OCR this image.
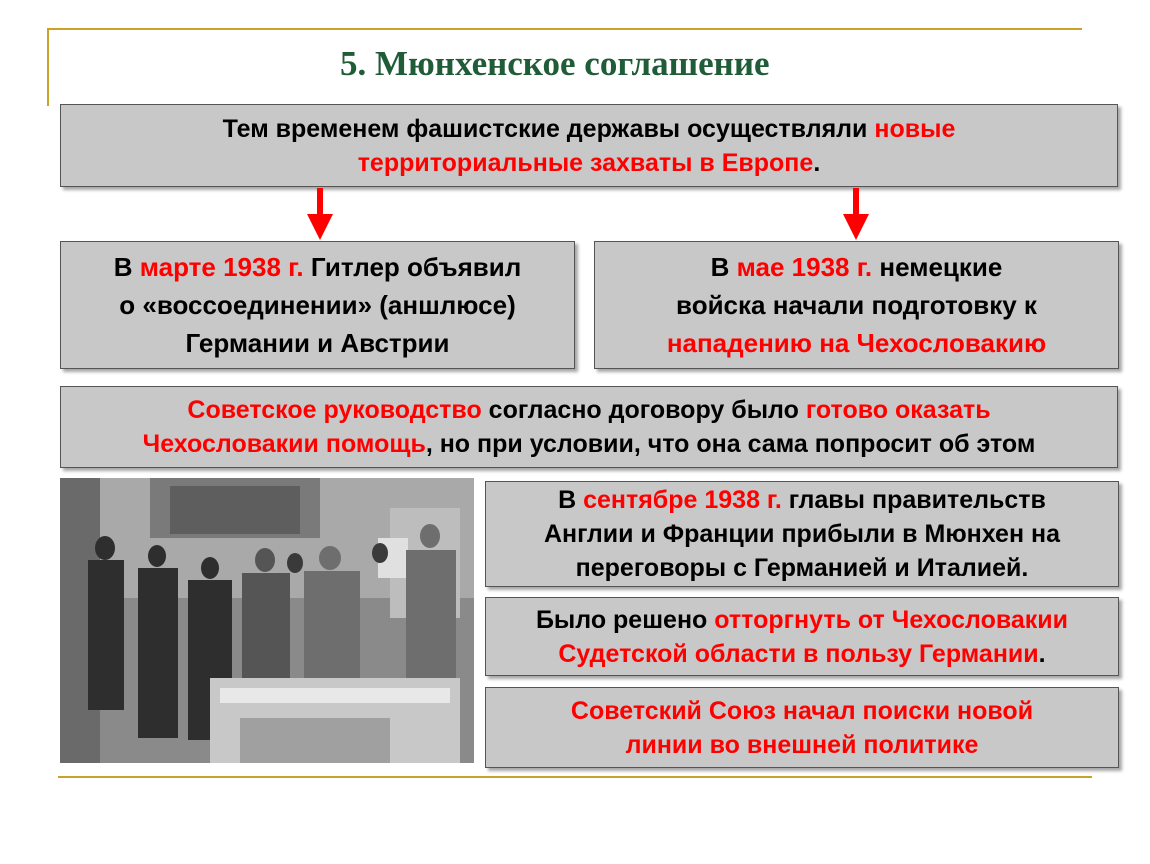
5. Мюнхенское соглашение

Тем временем фашистские державы осуществляли новые
территориальные захваты в Европе.

В марте 1938 г. Гитлер объявил
о «воссоединении» (аншлюсе)
Германии и Австрии

В мае 1938 г. немецкие
войска начали подготовку к
нападению на Чехословакию

Советское руководство согласно договору было готово оказать
Чехословакии помощь, но при условии, что она сама попросит об этом

В сентябре 1938 г. главы правительств
Англии и Франции прибыли в Мюнхен на
переговоры с Германией и Италией.

Было решено отторгнуть от Чехословакии
Судетской области в пользу Германии.

Советский Союз начал поиски новой
линии во внешней политике
